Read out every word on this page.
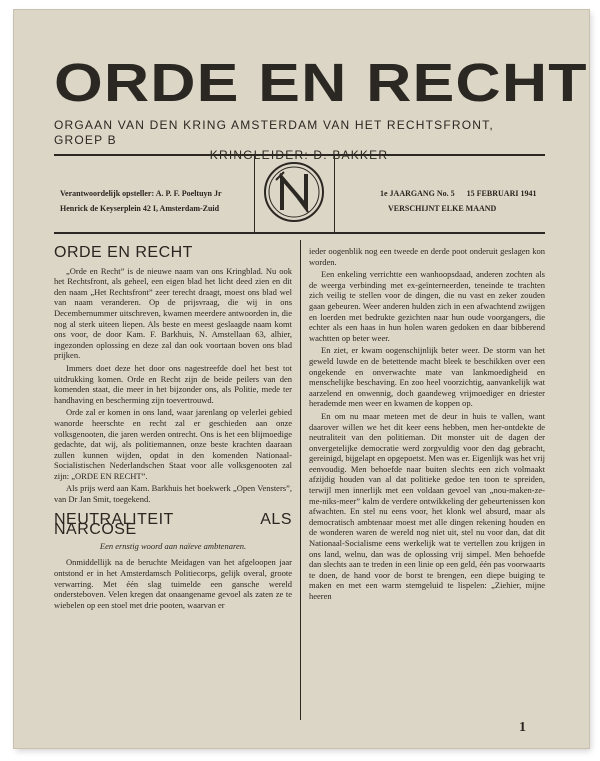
ORDE EN RECHT
ORGAAN VAN DEN KRING AMSTERDAM VAN HET RECHTSFRONT, GROEP B
Verantwoordelijk opsteller: A. P. F. Poeltuyn Jr
Henrick de Keyserplein 42 I, Amsterdam-Zuid
1e JAARGANG No. 5 15 FEBRUARI 1941
VERSCHIJNT ELKE MAAND
ORDE EN RECHT

„Orde en Recht” is de nieuwe naam van ons Kringblad. Nu ook het Rechtsfront, als geheel, een eigen blad het licht deed zien en dit den naam „Het Rechtsfront” zeer terecht draagt, moest ons blad wel van naam veranderen. Op de prijsvraag, die wij in ons Decembernummer uitschreven, kwamen meerdere antwoorden in, die nog al sterk uiteen liepen. Als beste en meest geslaagde naam komt ons voor, de door Kam. F. Barkhuis, N. Amstellaan 63, alhier, ingezonden oplossing en deze zal dan ook voortaan boven ons blad prijken.

Immers doet deze het door ons nagestreefde doel het best tot uitdrukking komen. Orde en Recht zijn de beide peilers van den komenden staat, die meer in het bijzonder ons, als Politie, mede ter handhaving en bescherming zijn toevertrouwd.

Orde zal er komen in ons land, waar jarenlang op velerlei gebied wanorde heerschte en recht zal er geschieden aan onze volksgenooten, die jaren werden ontrecht. Ons is het een blijmoedige gedachte, dat wij, als politiemannen, onze beste krachten daaraan zullen kunnen wijden, opdat in den komenden Nationaal-Socialistischen Nederlandschen Staat voor alle volksgenooten zal zijn: „ORDE EN RECHT”.

Als prijs werd aan Kam. Barkhuis het boekwerk „Open Vensters”, van Dr Jan Smit, toegekend.

NEUTRALITEIT ALS NARCOSE
Een ernstig woord aan naïeve ambtenaren.

Onmiddellijk na de beruchte Meidagen van het afgeloopen jaar ontstond er in het Amsterdamsch Politiecorps, gelijk overal, groote verwarring. Met één slag tuimelde een gansche wereld ondersteboven. Velen kregen dat onaangename gevoel als zaten ze te wiebelen op een stoel met drie pooten, waarvan er

ieder oogenblik nog een tweede en derde poot onderuit geslagen kon worden.

Een enkeling verrichtte een wanhoopsdaad, anderen zochten als de weerga verbinding met ex-geïnterneerden, teneinde te trachten zich veilig te stellen voor de dingen, die nu vast en zeker zouden gaan gebeuren. Weer anderen hulden zich in een afwachtend zwijgen en loerden met bedrukte gezichten naar hun oude voorgangers, die echter als een haas in hun holen waren gedoken en daar bibberend wachtten op beter weer.

En ziet, er kwam oogenschijnlijk beter weer. De storm van het geweld luwde en de betettende macht bleek te beschikken over een ongekende en onverwachte mate van lankmoedigheid en menschelijke beschaving. En zoo heel voorzichtig, aanvankelijk wat aarzelend en onwennig, doch gaandeweg vrijmoediger en driester herademde men weer en kwamen de koppen op.

En om nu maar meteen met de deur in huis te vallen, want daarover willen we het dit keer eens hebben, men her-ontdekte de neutraliteit van den politieman. Dit monster uit de dagen der onvergetelijke democratie werd zorgvuldig voor den dag gebracht, gereinigd, bijgelapt en opgepoetst. Men was er. Eigenlijk was het vrij eenvoudig. Men behoefde naar buiten slechts een zich volmaakt afzijdig houden van al dat politieke gedoe ten toon te spreiden, terwijl men innerlijk met een voldaan gevoel van „nou-maken-ze-me-niks-meer” kalm de verdere ontwikkeling der gebeurtenissen kon afwachten. En stel nu eens voor, het klonk wel absurd, maar als democratisch ambtenaar moest met alle dingen rekening houden en de wonderen waren de wereld nog niet uit, stel nu voor dan, dat dit Nationaal-Socialisme eens werkelijk wat te vertellen zou krijgen in ons land, welnu, dan was de oplossing vrij simpel. Men behoefde dan slechts aan te treden in een linie op een geld, één pas voorwaarts te doen, de hand voor de borst te brengen, een diepe buiging te maken en met een warm stemgeluid te lispelen: „Ziehier, mijne heeren

1
